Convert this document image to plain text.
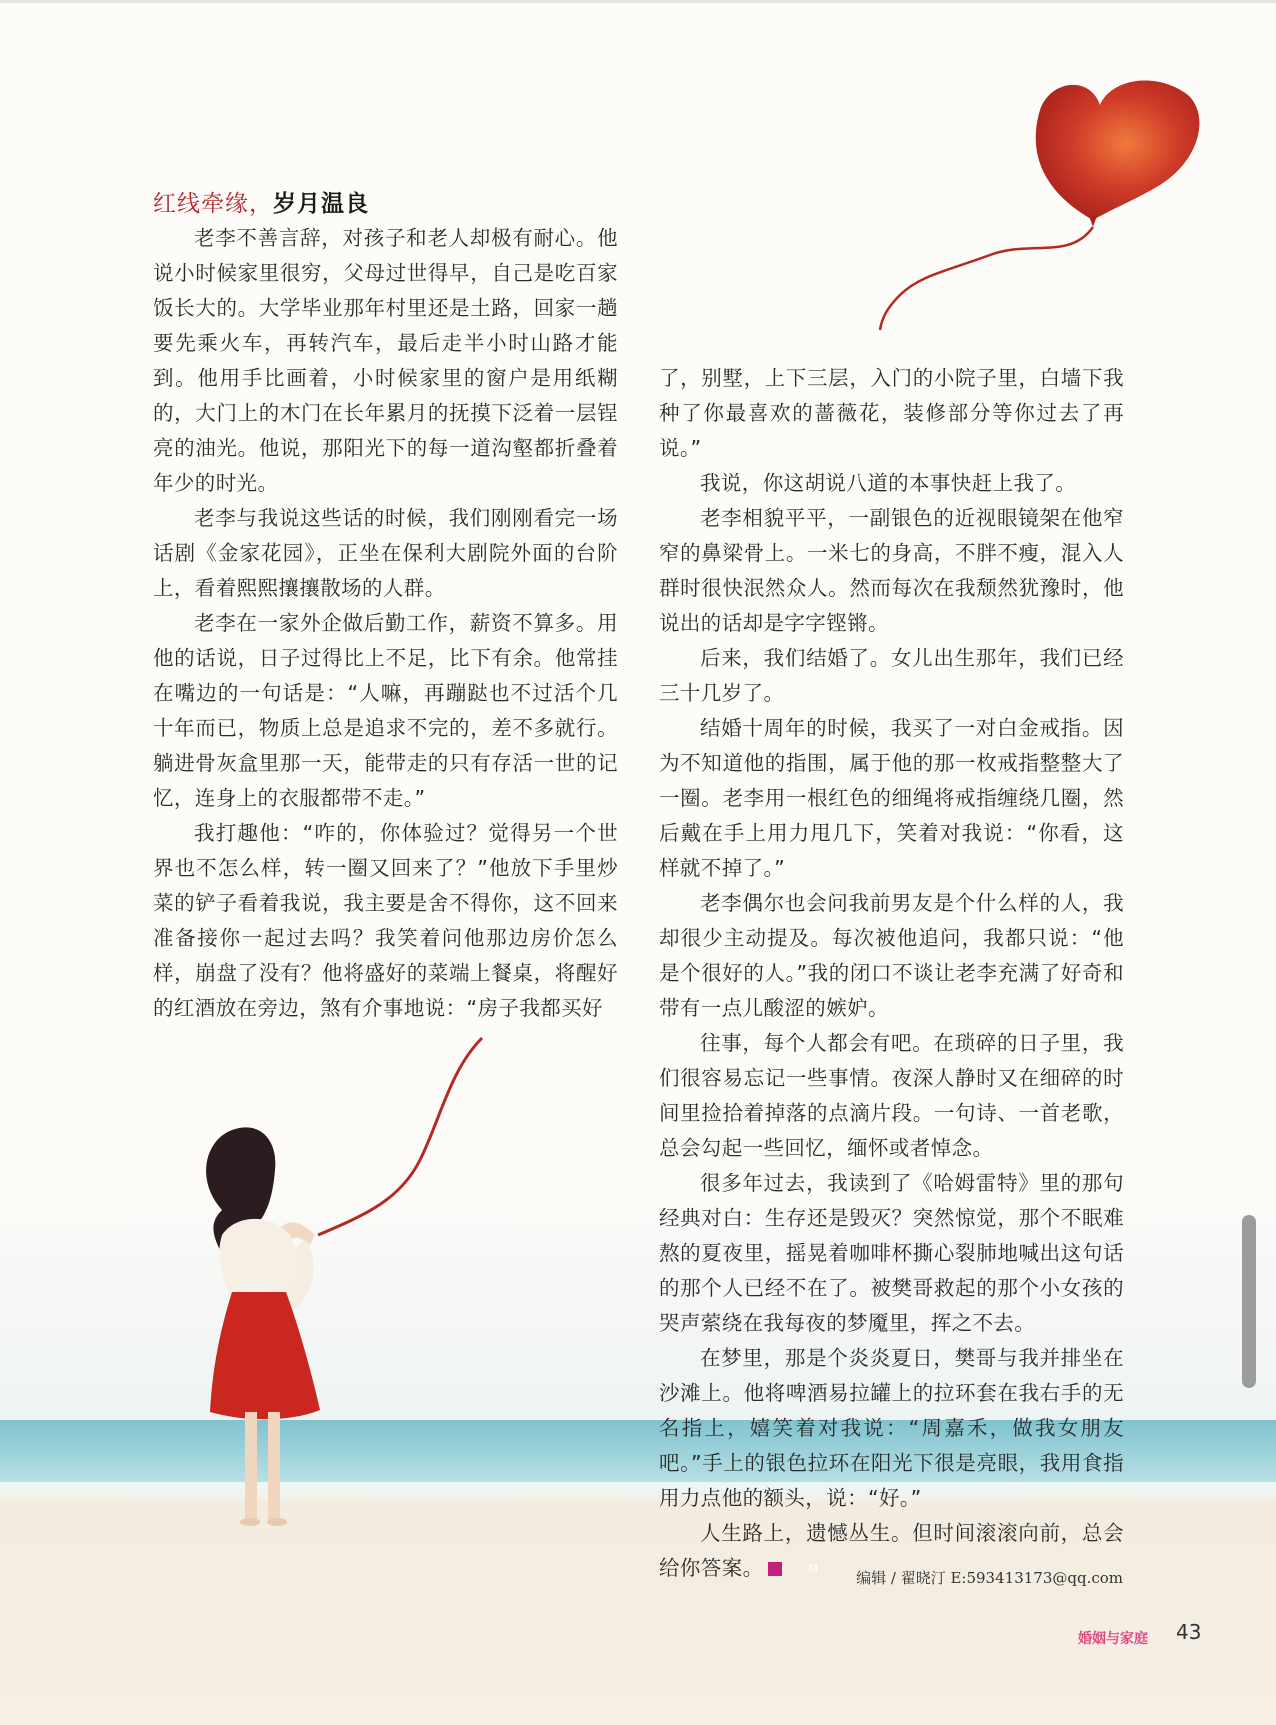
红线牵缘，岁月温良

老李不善言辞，对孩子和老人却极有耐心。他说小时候家里很穷，父母过世得早，自己是吃百家饭长大的。大学毕业那年村里还是土路，回家一趟要先乘火车，再转汽车，最后走半小时山路才能到。他用手比画着，小时候家里的窗户是用纸糊的，大门上的木门在长年累月的抚摸下泛着一层锃亮的油光。他说，那阳光下的每一道沟壑都折叠着年少的时光。

老李与我说这些话的时候，我们刚刚看完一场话剧《金家花园》，正坐在保利大剧院外面的台阶上，看着熙熙攘攘散场的人群。

老李在一家外企做后勤工作，薪资不算多。用他的话说，日子过得比上不足，比下有余。他常挂在嘴边的一句话是：“人嘛，再蹦跶也不过活个几十年而已，物质上总是追求不完的，差不多就行。躺进骨灰盒里那一天，能带走的只有存活一世的记忆，连身上的衣服都带不走。”

我打趣他：“咋的，你体验过？觉得另一个世界也不怎么样，转一圈又回来了？”他放下手里炒菜的铲子看着我说，我主要是舍不得你，这不回来准备接你一起过去吗？我笑着问他那边房价怎么样，崩盘了没有？他将盛好的菜端上餐桌，将醒好的红酒放在旁边，煞有介事地说：“房子我都买好

了，别墅，上下三层，入门的小院子里，白墙下我种了你最喜欢的蔷薇花，装修部分等你过去了再说。”

我说，你这胡说八道的本事快赶上我了。

老李相貌平平，一副银色的近视眼镜架在他窄窄的鼻梁骨上。一米七的身高，不胖不瘦，混入人群时很快泯然众人。然而每次在我颓然犹豫时，他说出的话却是字字铿锵。

后来，我们结婚了。女儿出生那年，我们已经三十几岁了。

结婚十周年的时候，我买了一对白金戒指。因为不知道他的指围，属于他的那一枚戒指整整大了一圈。老李用一根红色的细绳将戒指缠绕几圈，然后戴在手上用力甩几下，笑着对我说：“你看，这样就不掉了。”

老李偶尔也会问我前男友是个什么样的人，我却很少主动提及。每次被他追问，我都只说：“他是个很好的人。”我的闭口不谈让老李充满了好奇和带有一点儿酸涩的嫉妒。

往事，每个人都会有吧。在琐碎的日子里，我们很容易忘记一些事情。夜深人静时又在细碎的时间里捡拾着掉落的点滴片段。一句诗、一首老歌，总会勾起一些回忆，缅怀或者悼念。

很多年过去，我读到了《哈姆雷特》里的那句经典对白：生存还是毁灭？突然惊觉，那个不眠难熬的夏夜里，摇晃着咖啡杯撕心裂肺地喊出这句话的那个人已经不在了。被樊哥救起的那个小女孩的哭声萦绕在我每夜的梦魇里，挥之不去。

在梦里，那是个炎炎夏日，樊哥与我并排坐在沙滩上。他将啤酒易拉罐上的拉环套在我右手的无名指上，嬉笑着对我说：“周嘉禾，做我女朋友吧。”手上的银色拉环在阳光下很是亮眼，我用食指用力点他的额头，说：“好。”

人生路上，遗憾丛生。但时间滚滚向前，总会给你答案。	M

编辑 / 翟晓汀 E:593413173@qq.com
婚姻与家庭 43
